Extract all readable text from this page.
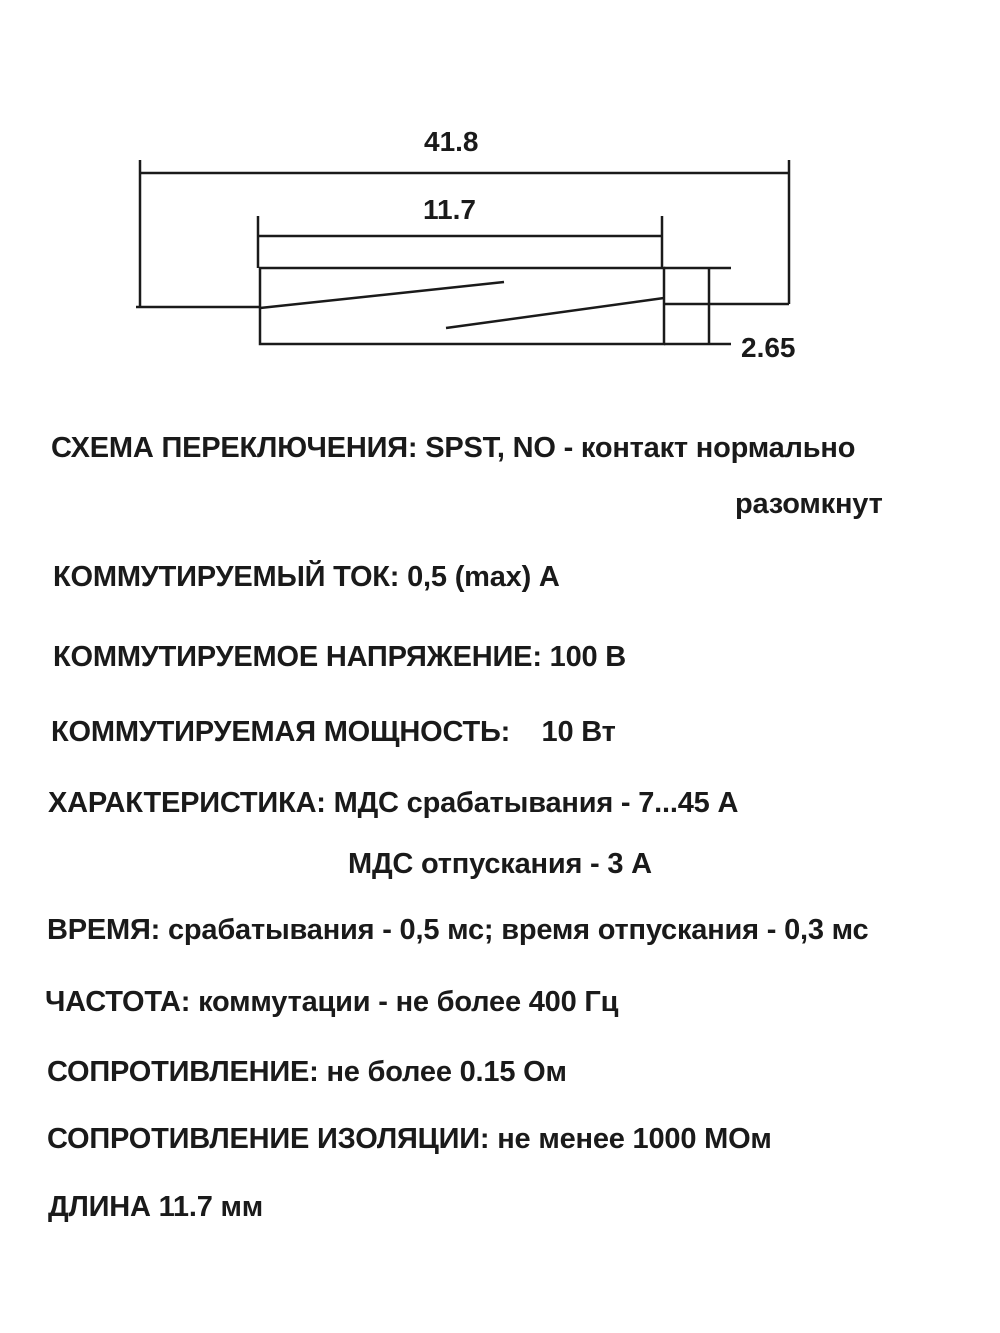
41.8
11.7
2.65
СХЕМА ПЕРЕКЛЮЧЕНИЯ: SPST, NO - контакт нормально
разомкнут
КОММУТИРУЕМЫЙ ТОК: 0,5 (max) А
КОММУТИРУЕМОЕ НАПРЯЖЕНИЕ: 100 В
КОММУТИРУЕМАЯ МОЩНОСТЬ:    10 Вт
ХАРАКТЕРИСТИКА: МДС срабатывания - 7...45 А
МДС отпускания - 3 А
ВРЕМЯ: срабатывания - 0,5 мс; время отпускания - 0,3 мс
ЧАСТОТА: коммутации - не более 400 Гц
СОПРОТИВЛЕНИЕ: не более 0.15 Ом
СОПРОТИВЛЕНИЕ ИЗОЛЯЦИИ: не менее 1000 МОм
ДЛИНА 11.7 мм
